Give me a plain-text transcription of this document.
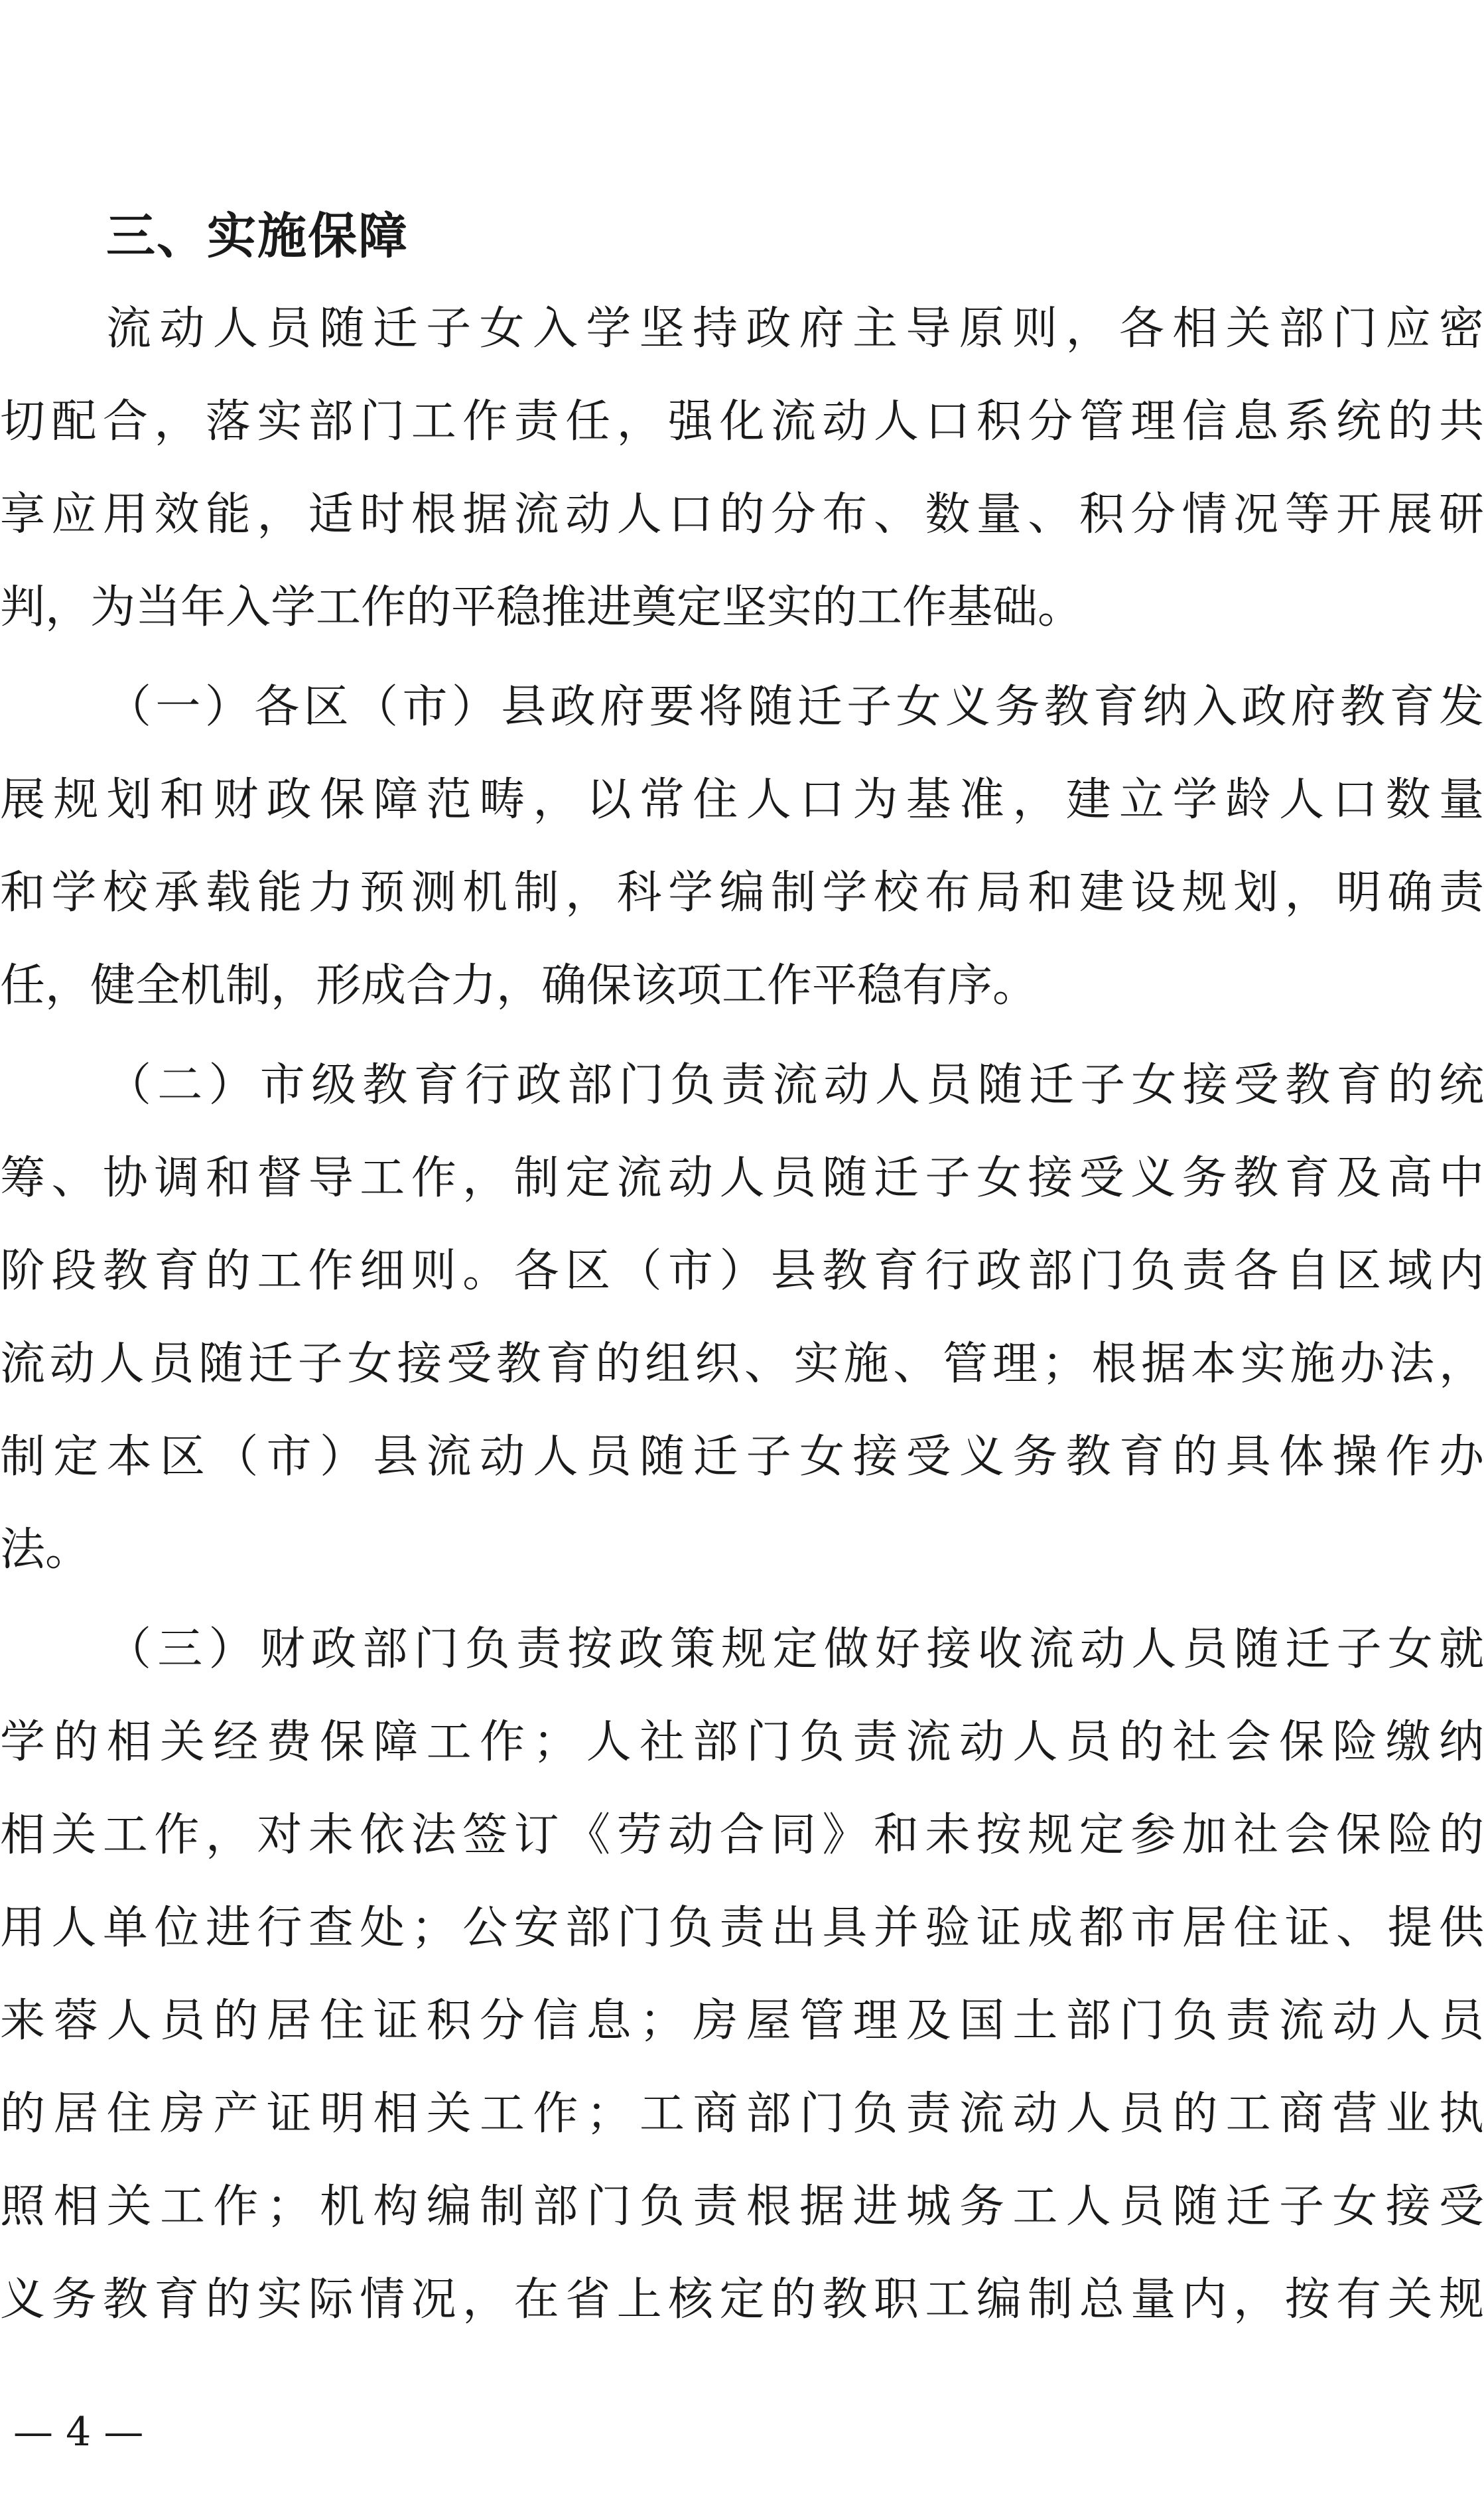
三、实施保障
流动人员随迁子女入学坚持政府主导原则，各相关部门应密
切配合，落实部门工作责任，强化流动人口积分管理信息系统的共
享应用效能，适时根据流动人口的分布、数量、积分情况等开展研
判，为当年入学工作的平稳推进奠定坚实的工作基础。
（一）各区（市）县政府要将随迁子女义务教育纳入政府教育发
展规划和财政保障范畴，以常住人口为基准，建立学龄人口数量
和学校承载能力预测机制，科学编制学校布局和建设规划，明确责
任，健全机制，形成合力，确保该项工作平稳有序。
（二）市级教育行政部门负责流动人员随迁子女接受教育的统
筹、协调和督导工作，制定流动人员随迁子女接受义务教育及高中
阶段教育的工作细则。各区（市）县教育行政部门负责各自区域内
流动人员随迁子女接受教育的组织、实施、管理；根据本实施办法，
制定本区（市）县流动人员随迁子女接受义务教育的具体操作办
法。
（三）财政部门负责按政策规定做好接收流动人员随迁子女就
学的相关经费保障工作；人社部门负责流动人员的社会保险缴纳
相关工作，对未依法签订《劳动合同》和未按规定参加社会保险的
用人单位进行查处；公安部门负责出具并验证成都市居住证、提供
来蓉人员的居住证积分信息；房屋管理及国土部门负责流动人员
的居住房产证明相关工作；工商部门负责流动人员的工商营业执
照相关工作；机构编制部门负责根据进城务工人员随迁子女接受
义务教育的实际情况，在省上核定的教职工编制总量内，按有关规
— 4 —
